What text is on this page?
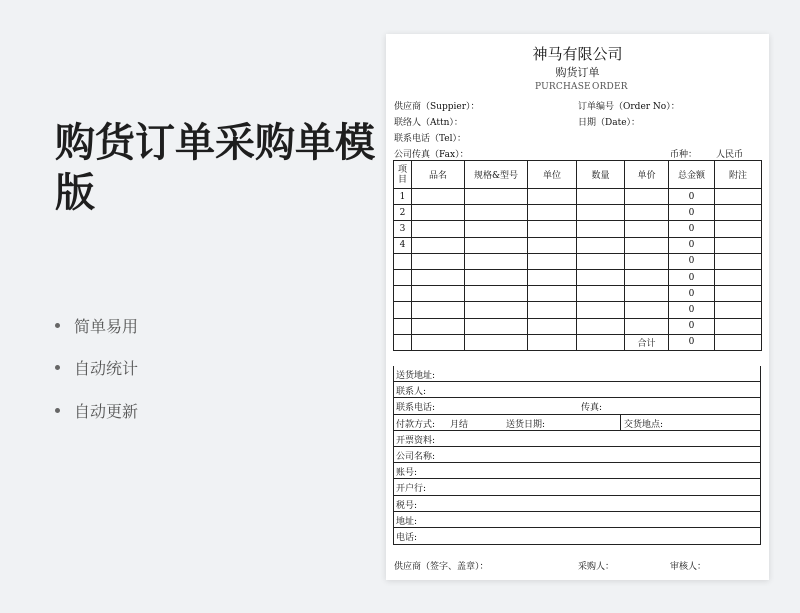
购货订单采购单模版
简单易用
自动统计
自动更新
神马有限公司
购货订单
PURCHASE ORDER
供应商（Suppier）：	订单编号（Order No）：
联络人（Attn）：	日期（Date）：
联系电话（Tel）：
公司传真（Fax）：	币种： 人民币
项目	品名	规格&型号	单位	数量	单价	总金额	附注
1						0	
2						0	
3						0	
4						0	
						0	
						0	
						0	
						0	
						0	
					合计	0	
送货地址:
联系人:
联系电话:	传真:
付款方式: 月结	送货日期:	交货地点:
开票资料:
公司名称:
账号:
开户行:
税号:
地址:
电话:
供应商（签字、盖章）：	采购人：	审核人：
